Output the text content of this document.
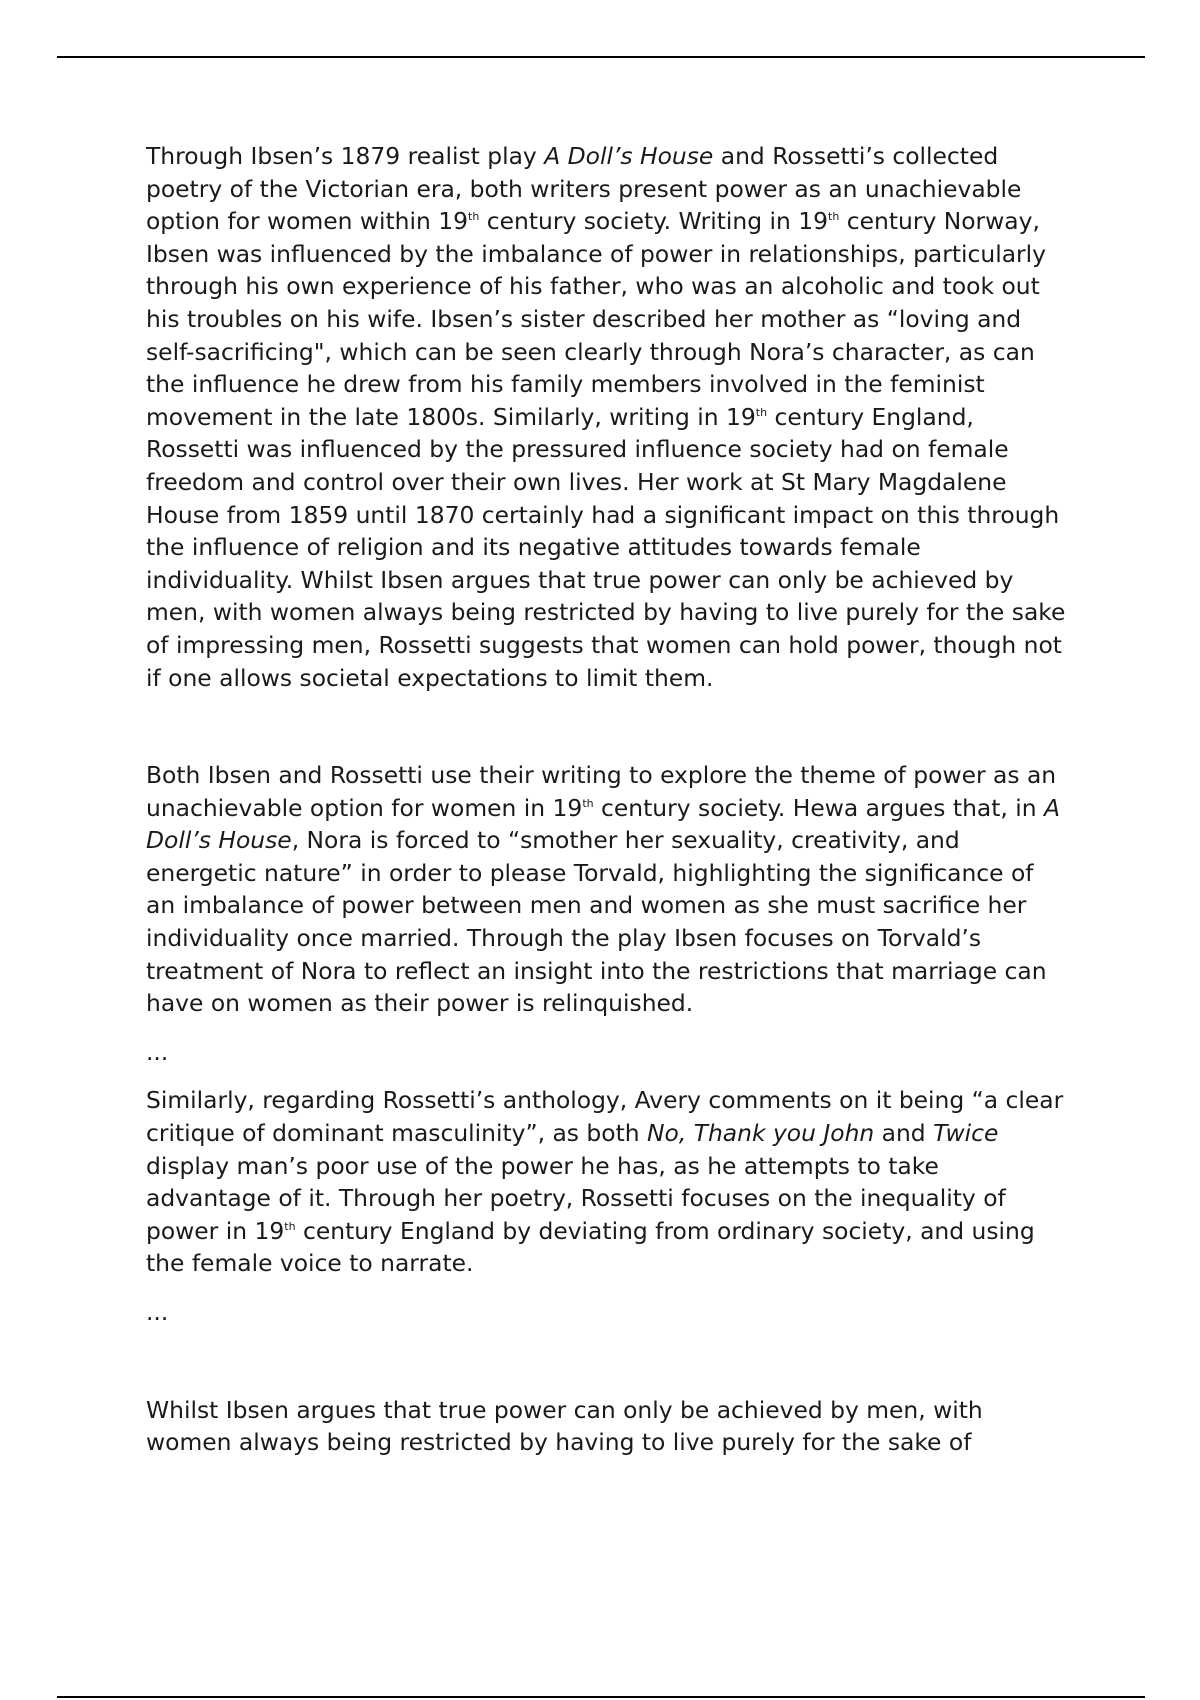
Through Ibsen’s 1879 realist play A Doll’s House and Rossetti’s collected poetry of the Victorian era, both writers present power as an unachievable option for women within 19th century society. Writing in 19th century Norway, Ibsen was influenced by the imbalance of power in relationships, particularly through his own experience of his father, who was an alcoholic and took out his troubles on his wife. Ibsen’s sister described her mother as “loving and self-sacrificing", which can be seen clearly through Nora’s character, as can the influence he drew from his family members involved in the feminist movement in the late 1800s. Similarly, writing in 19th century England, Rossetti was influenced by the pressured influence society had on female freedom and control over their own lives. Her work at St Mary Magdalene House from 1859 until 1870 certainly had a significant impact on this through the influence of religion and its negative attitudes towards female individuality. Whilst Ibsen argues that true power can only be achieved by men, with women always being restricted by having to live purely for the sake of impressing men, Rossetti suggests that women can hold power, though not if one allows societal expectations to limit them.

Both Ibsen and Rossetti use their writing to explore the theme of power as an unachievable option for women in 19th century society. Hewa argues that, in A Doll’s House, Nora is forced to “smother her sexuality, creativity, and energetic nature” in order to please Torvald, highlighting the significance of an imbalance of power between men and women as she must sacrifice her individuality once married. Through the play Ibsen focuses on Torvald’s treatment of Nora to reflect an insight into the restrictions that marriage can have on women as their power is relinquished.

...

Similarly, regarding Rossetti’s anthology, Avery comments on it being “a clear critique of dominant masculinity”, as both No, Thank you John and Twice display man’s poor use of the power he has, as he attempts to take advantage of it. Through her poetry, Rossetti focuses on the inequality of power in 19th century England by deviating from ordinary society, and using the female voice to narrate.

...

Whilst Ibsen argues that true power can only be achieved by men, with women always being restricted by having to live purely for the sake of
